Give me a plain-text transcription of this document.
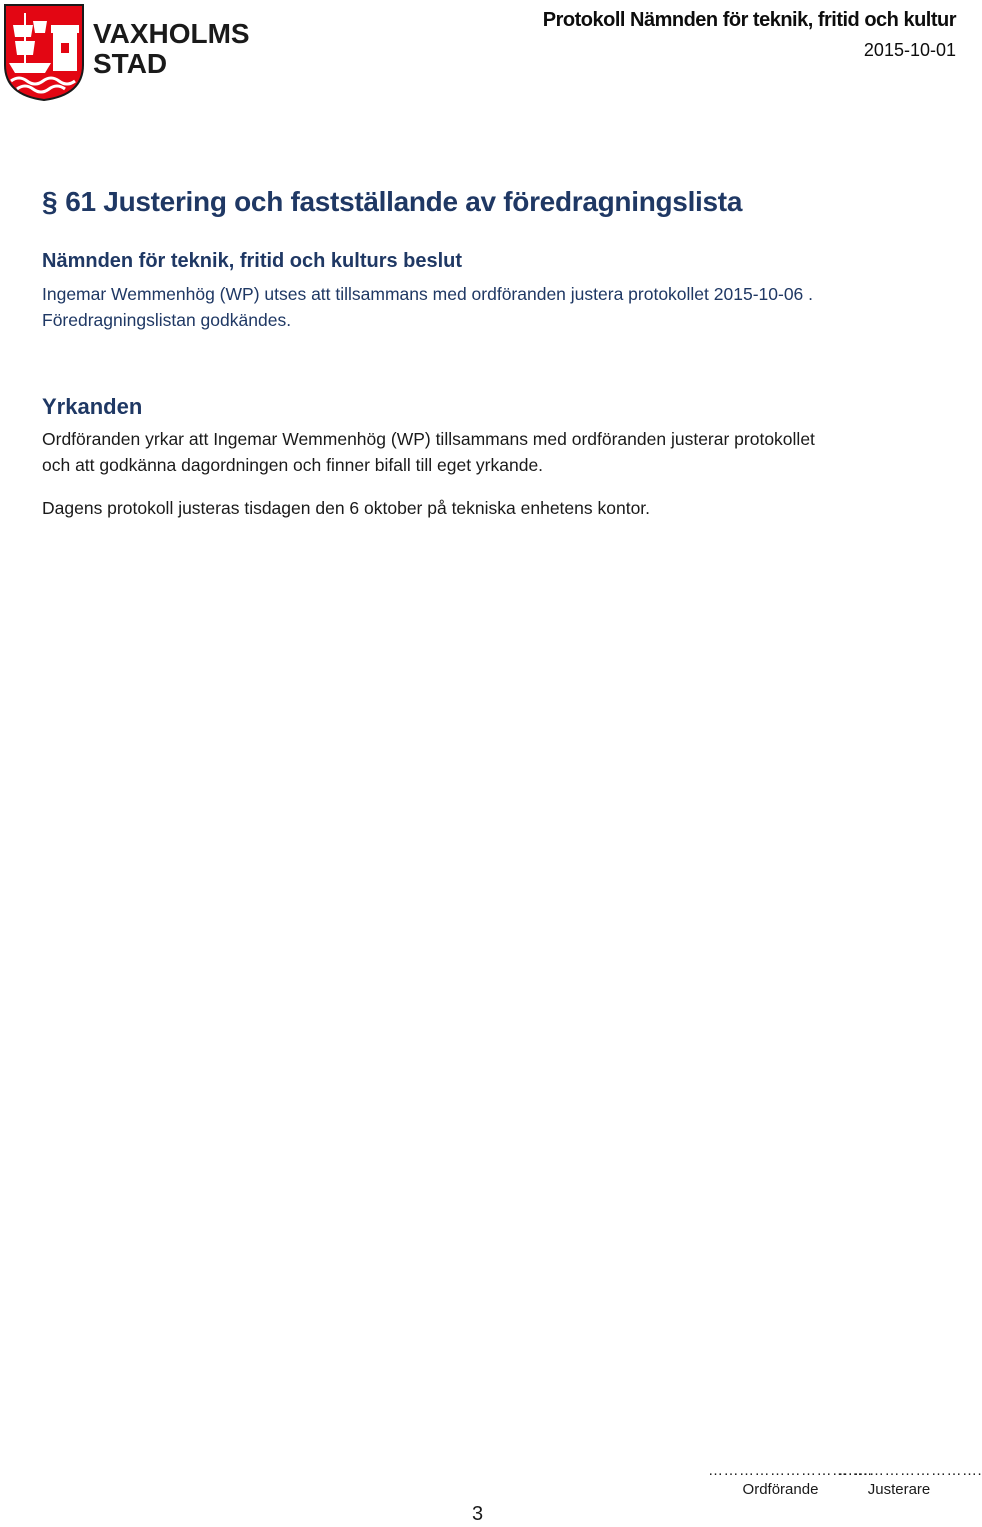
VAXHOLMS
STAD
Protokoll Nämnden för teknik, fritid och kultur
2015-10-01
§ 61 Justering och fastställande av föredragningslista
Nämnden för teknik, fritid och kulturs beslut

Ingemar Wemmenhög (WP) utses att tillsammans med ordföranden justera protokollet 2015-10-06 .
Föredragningslistan godkändes.

Yrkanden

Ordföranden yrkar att Ingemar Wemmenhög (WP) tillsammans med ordföranden justerar protokollet
och att godkänna dagordningen och finner bifall till eget yrkande.

Dagens protokoll justeras tisdagen den 6 oktober på tekniska enhetens kontor.

…………………………..
Ordförande
……………………….
Justerare
3
